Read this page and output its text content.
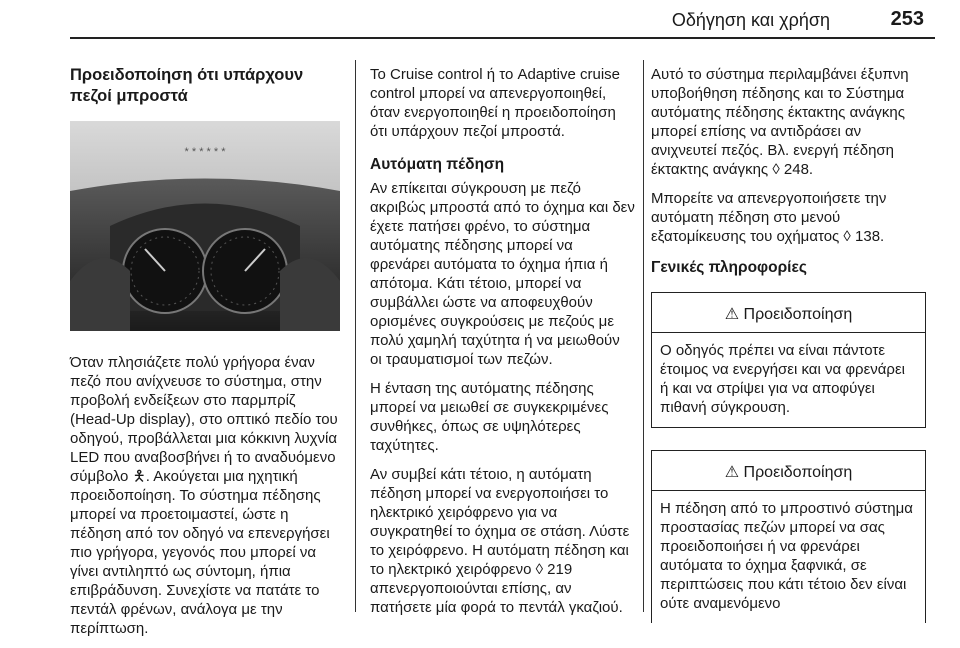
Οδήγηση και χρήση	253
Προειδοποίηση ότι υπάρχουν πεζοί μπροστά
* * * * * *

Όταν πλησιάζετε πολύ γρήγορα έναν πεζό που ανίχνευσε το σύστημα, στην προβολή ενδείξεων στο παρμπρίζ (Head-Up display), στο οπτικό πεδίο του οδηγού, προβάλλεται μια κόκκινη λυχνία LED που αναβοσβήνει ή το αναδυόμενο σύμβολο 🯅. Ακούγεται μια ηχητική προειδοποίηση. Το σύστημα πέδησης μπορεί να προετοιμαστεί, ώστε η πέδηση από τον οδηγό να επενεργήσει πιο γρήγορα, γεγονός που μπορεί να γίνει αντιληπτό ως σύντομη, ήπια επιβράδυνση. Συνεχίστε να πατάτε το πεντάλ φρένων, ανάλογα με την περίπτωση.

Το Cruise control ή το Adaptive cruise control μπορεί να απενεργοποιηθεί, όταν ενεργοποιηθεί η προειδοποίηση ότι υπάρχουν πεζοί μπροστά.

Αυτόματη πέδηση

Αν επίκειται σύγκρουση με πεζό ακριβώς μπροστά από το όχημα και δεν έχετε πατήσει φρένο, το σύστημα αυτόματης πέδησης μπορεί να φρενάρει αυτόματα το όχημα ήπια ή απότομα. Κάτι τέτοιο, μπορεί να συμβάλλει ώστε να αποφευχθούν ορισμένες συγκρούσεις με πεζούς με πολύ χαμηλή ταχύτητα ή να μειωθούν οι τραυματισμοί των πεζών.

Η ένταση της αυτόματης πέδησης μπορεί να μειωθεί σε συγκεκριμένες συνθήκες, όπως σε υψηλότερες ταχύτητες.

Αν συμβεί κάτι τέτοιο, η αυτόματη πέδηση μπορεί να ενεργοποιήσει το ηλεκτρικό χειρόφρενο για να συγκρατηθεί το όχημα σε στάση. Λύστε το χειρόφρενο. Η αυτόματη πέδηση και το ηλεκτρικό χειρόφρενο ◊ 219 απενεργοποιούνται επίσης, αν πατήσετε μία φορά το πεντάλ γκαζιού.

Αυτό το σύστημα περιλαμβάνει έξυπνη υποβοήθηση πέδησης και το Σύστημα αυτόματης πέδησης έκτακτης ανάγκης μπορεί επίσης να αντιδράσει αν ανιχνευτεί πεζός. Βλ. ενεργή πέδηση έκτακτης ανάγκης ◊ 248.

Μπορείτε να απενεργοποιήσετε την αυτόματη πέδηση στο μενού εξατομίκευσης του οχήματος ◊ 138.

Γενικές πληροφορίες
⚠ Προειδοποίηση
Ο οδηγός πρέπει να είναι πάντοτε έτοιμος να ενεργήσει και να φρενάρει ή και να στρίψει για να αποφύγει πιθανή σύγκρουση.
⚠ Προειδοποίηση
Η πέδηση από το μπροστινό σύστημα προστασίας πεζών μπορεί να σας προειδοποιήσει ή να φρενάρει αυτόματα το όχημα ξαφνικά, σε περιπτώσεις που κάτι τέτοιο δεν είναι ούτε αναμενόμενο
